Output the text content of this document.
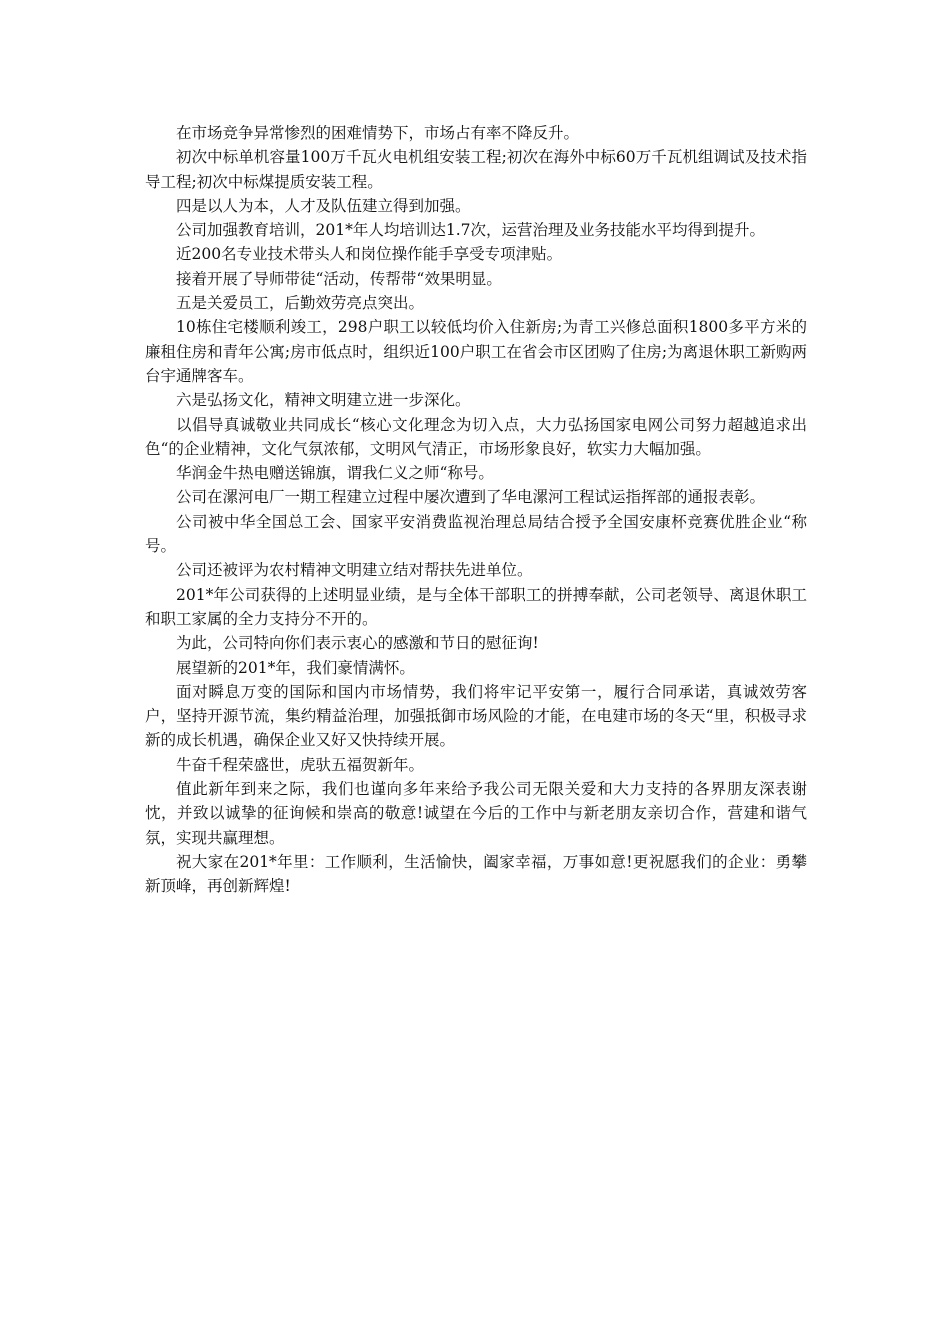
在市场竞争异常惨烈的困难情势下，市场占有率不降反升。

初次中标单机容量100万千瓦火电机组安装工程;初次在海外中标60万千瓦机组调试及技术指导工程;初次中标煤提质安装工程。

四是以人为本，人才及队伍建立得到加强。

公司加强教育培训，201*年人均培训达1.7次，运营治理及业务技能水平均得到提升。

近200名专业技术带头人和岗位操作能手享受专项津贴。

接着开展了导师带徒“活动，传帮带“效果明显。

五是关爱员工，后勤效劳亮点突出。

10栋住宅楼顺利竣工，298户职工以较低均价入住新房;为青工兴修总面积1800多平方米的廉租住房和青年公寓;房市低点时，组织近100户职工在省会市区团购了住房;为离退休职工新购两台宇通牌客车。

六是弘扬文化，精神文明建立进一步深化。

以倡导真诚敬业共同成长“核心文化理念为切入点，大力弘扬国家电网公司努力超越追求出色“的企业精神，文化气氛浓郁，文明风气清正，市场形象良好，软实力大幅加强。

华润金牛热电赠送锦旗，谓我仁义之师“称号。

公司在漯河电厂一期工程建立过程中屡次遭到了华电漯河工程试运指挥部的通报表彰。

公司被中华全国总工会、国家平安消费监视治理总局结合授予全国安康杯竞赛优胜企业“称号。

公司还被评为农村精神文明建立结对帮扶先进单位。

201*年公司获得的上述明显业绩，是与全体干部职工的拼搏奉献，公司老领导、离退休职工和职工家属的全力支持分不开的。

为此，公司特向你们表示衷心的感激和节日的慰征询!

展望新的201*年，我们豪情满怀。

面对瞬息万变的国际和国内市场情势，我们将牢记平安第一，履行合同承诺，真诚效劳客户，坚持开源节流，集约精益治理，加强抵御市场风险的才能，在电建市场的冬天“里，积极寻求新的成长机遇，确保企业又好又快持续开展。

牛奋千程荣盛世，虎驮五福贺新年。

值此新年到来之际，我们也谨向多年来给予我公司无限关爱和大力支持的各界朋友深表谢忱，并致以诚挚的征询候和崇高的敬意!诚望在今后的工作中与新老朋友亲切合作，营建和谐气氛，实现共赢理想。

祝大家在201*年里：工作顺利，生活愉快，阖家幸福，万事如意!更祝愿我们的企业：勇攀新顶峰，再创新辉煌!
